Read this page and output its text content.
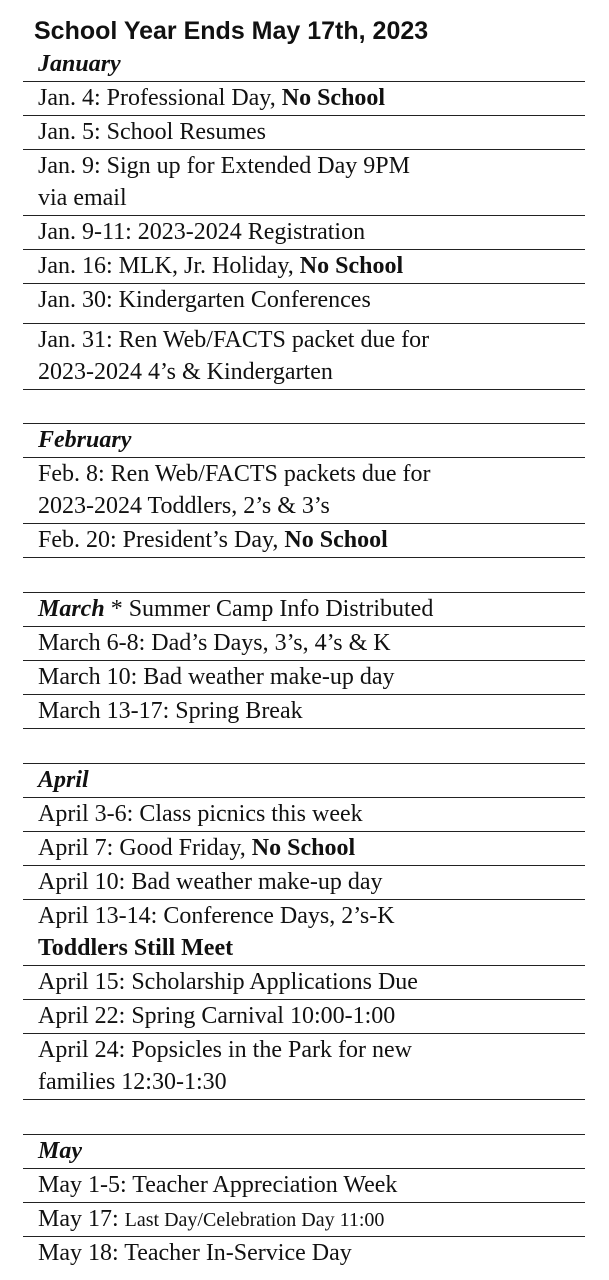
School Year Ends May 17th, 2023
January
Jan. 4: Professional Day, No School
Jan. 5: School Resumes
Jan. 9: Sign up for Extended Day 9PM
via email
Jan. 9-11: 2023-2024 Registration
Jan. 16: MLK, Jr. Holiday, No School
Jan. 30: Kindergarten Conferences
Jan. 31: Ren Web/FACTS packet due for
2023-2024 4’s & Kindergarten
February
Feb. 8: Ren Web/FACTS packets due for
2023-2024 Toddlers, 2’s & 3’s
Feb. 20: President’s Day, No School
March * Summer Camp Info Distributed
March 6-8: Dad’s Days, 3’s, 4’s & K
March 10: Bad weather make-up day
March 13-17: Spring Break
April
April 3-6: Class picnics this week
April 7: Good Friday, No School
April 10: Bad weather make-up day
April 13-14: Conference Days, 2’s-K
Toddlers Still Meet
April 15: Scholarship Applications Due
April 22: Spring Carnival 10:00-1:00
April 24: Popsicles in the Park for new
families 12:30-1:30
May
May 1-5: Teacher Appreciation Week
May 17: Last Day/Celebration Day 11:00
May 18: Teacher In-Service Day
